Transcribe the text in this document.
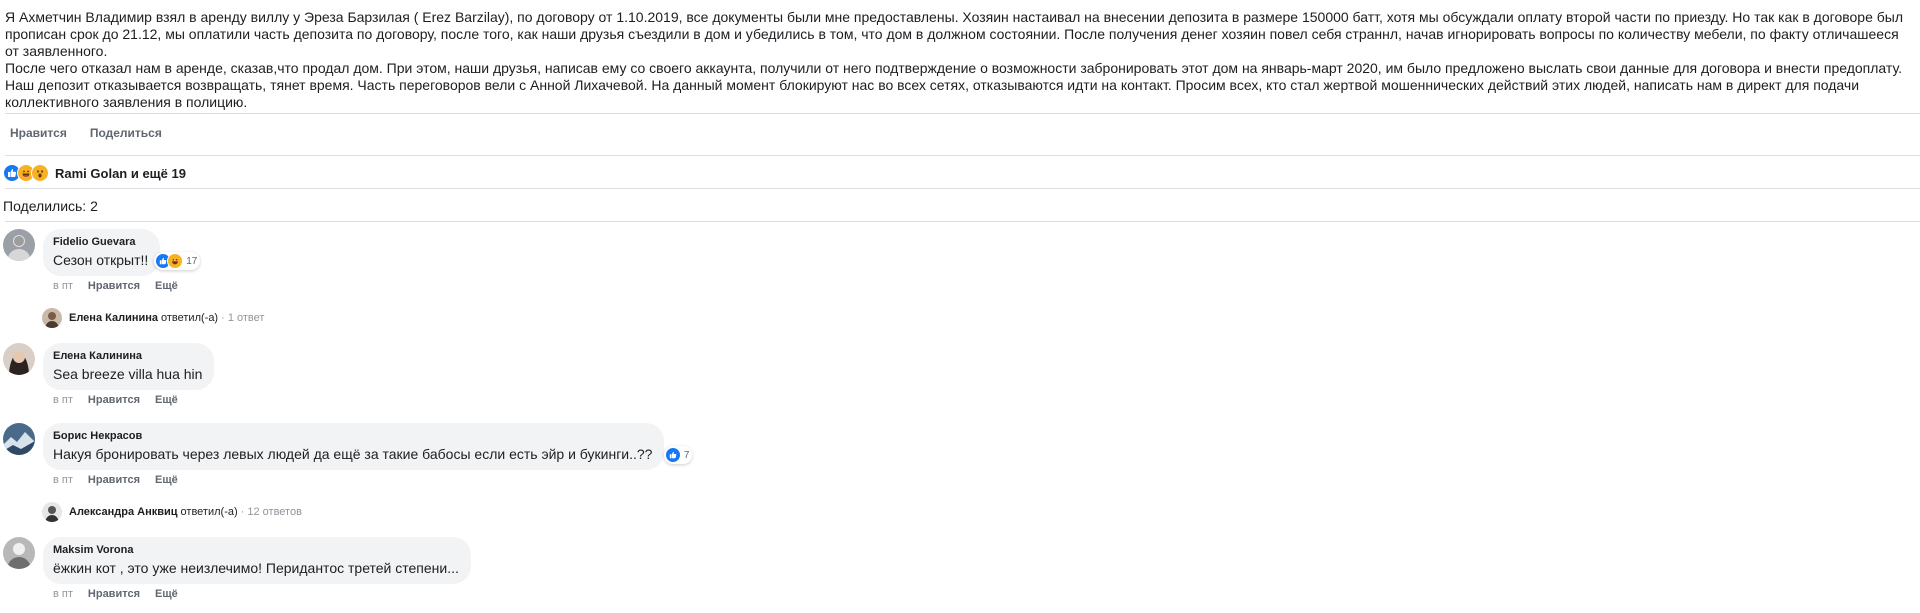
Я Ахметчин Владимир взял в аренду виллу у Эреза Барзилая ( Erez Barzilay), по договору от 1.10.2019, все документы были мне предоставлены. Хозяин настаивал на внесении депозита в размере 150000 батт, хотя мы обсуждали оплату второй части по приезду. Но так как в договоре был прописан срок до 21.12, мы оплатили часть депозита по договору, после того, как наши друзья съездили в дом и убедились в том, что дом в должном состоянии. После получения денег хозяин повел себя страннл, начав игнорировать вопросы по количеству мебели, по факту отличашееся от заявленного.

После чего отказал нам в аренде, сказав,что продал дом. При этом, наши друзья, написав ему со своего аккаунта, получили от него подтверждение о возможности забронировать этот дом на январь-март 2020, им было предложено выслать свои данные для договора и внести предоплату. Наш депозит отказывается возвращать, тянет время. Часть переговоров вели с Анной Лихачевой. На данный момент блокируют нас во всех сетях, отказываются идти на контакт. Просим всех, кто стал жертвой мошеннических действий этих людей, написать нам в директ для подачи коллективного заявления в полицию.

Нравится Поделиться
Rami Golan и ещё 19
Поделились: 2
Fidelio Guevara
Сезон открыт!!	17
в пт Нравится Ещё
Елена Калинина ответил(-а) · 1 ответ
Елена Калинина
Sea breeze villa hua hin
в пт Нравится Ещё
Борис Некрасов
Накуя бронировать через левых людей да ещё за такие бабосы если есть эйр и букинги..??	7
в пт Нравится Ещё
Александра Анквиц ответил(-а) · 12 ответов
Maksim Vorona
ёжкин кот , это уже неизлечимо! Перидантос третей степени...
в пт Нравится Ещё
